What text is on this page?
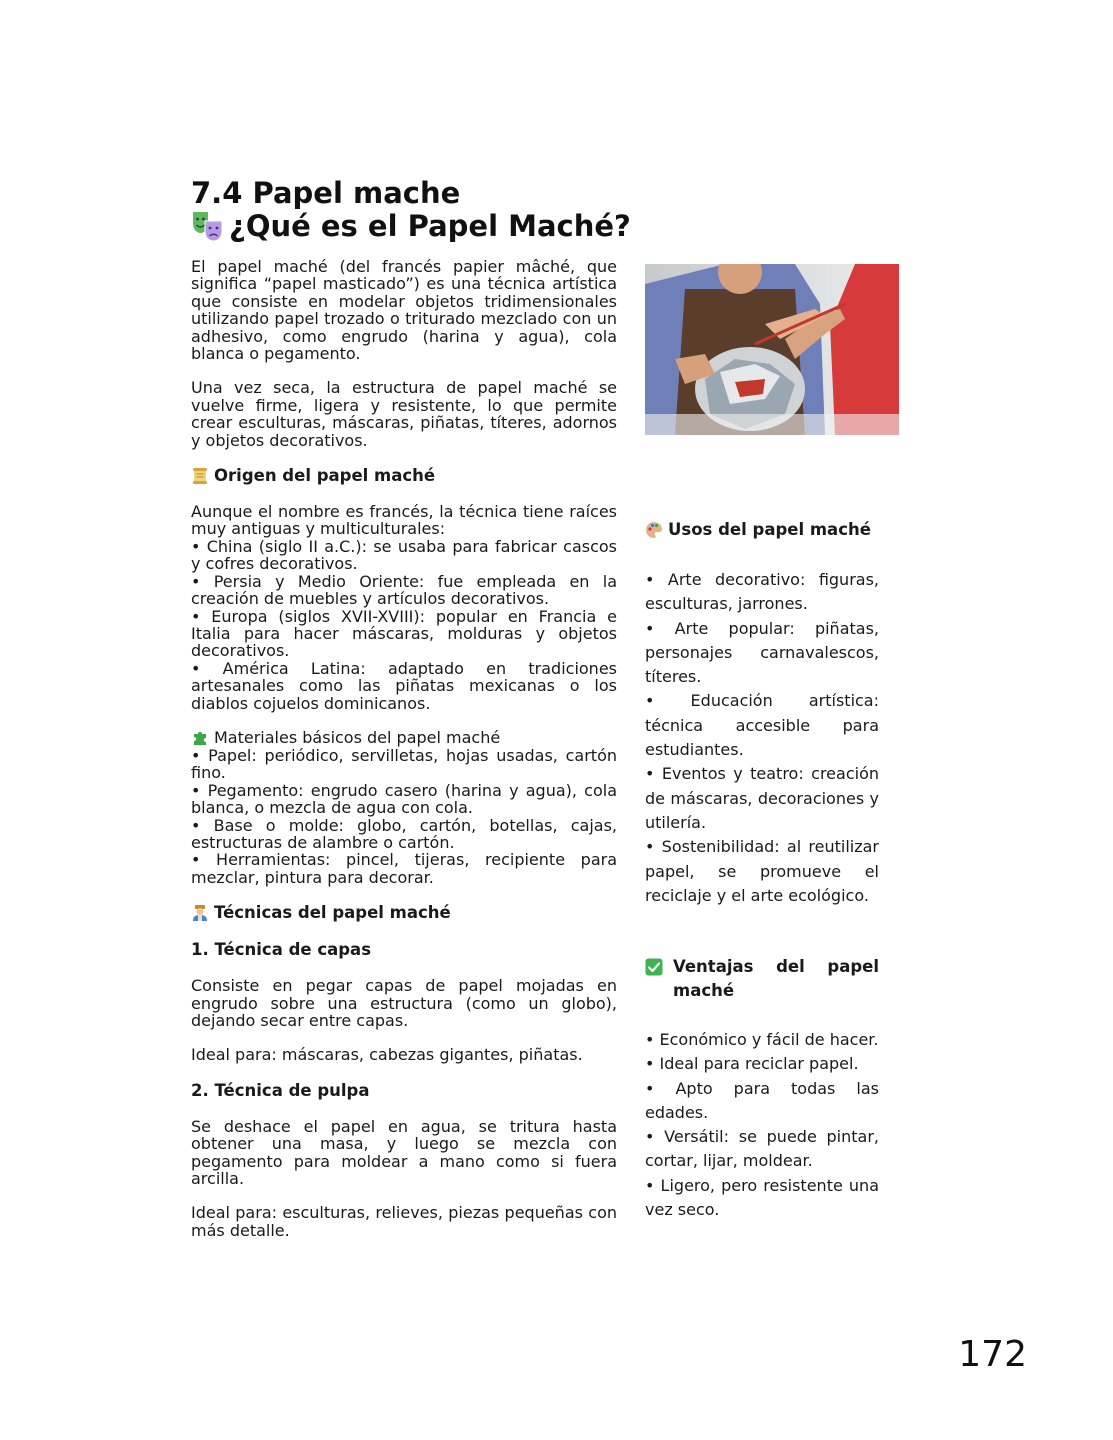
7.4 Papel mache
¿Qué es el Papel Maché?

El papel maché (del francés papier mâché, que significa “papel masticado”) es una técnica artística que consiste en modelar objetos tridimensionales utilizando papel trozado o triturado mezclado con un adhesivo, como engrudo (harina y agua), cola blanca o pegamento.

Una vez seca, la estructura de papel maché se vuelve firme, ligera y resistente, lo que permite crear esculturas, máscaras, piñatas, títeres, adornos y objetos decorativos.

Origen del papel maché

Aunque el nombre es francés, la técnica tiene raíces muy antiguas y multiculturales:

• China (siglo II a.C.): se usaba para fabricar cascos y cofres decorativos.
• Persia y Medio Oriente: fue empleada en la creación de muebles y artículos decorativos.
• Europa (siglos XVII-XVIII): popular en Francia e Italia para hacer máscaras, molduras y objetos decorativos.
• América Latina: adaptado en tradiciones artesanales como las piñatas mexicanas o los diablos cojuelos dominicanos.
Materiales básicos del papel maché
• Papel: periódico, servilletas, hojas usadas, cartón fino.
• Pegamento: engrudo casero (harina y agua), cola blanca, o mezcla de agua con cola.
• Base o molde: globo, cartón, botellas, cajas, estructuras de alambre o cartón.
• Herramientas: pincel, tijeras, recipiente para mezclar, pintura para decorar.
Técnicas del papel maché
1. Técnica de capas

Consiste en pegar capas de papel mojadas en engrudo sobre una estructura (como un globo), dejando secar entre capas.

Ideal para: máscaras, cabezas gigantes, piñatas.

2. Técnica de pulpa

Se deshace el papel en agua, se tritura hasta obtener una masa, y luego se mezcla con pegamento para moldear a mano como si fuera arcilla.

Ideal para: esculturas, relieves, piezas pequeñas con más detalle.

Usos del papel maché

• Arte decorativo: figuras, esculturas, jarrones.

• Arte popular: piñatas, personajes carnavalescos, títeres.

• Educación artística: técnica accesible para estudiantes.

• Eventos y teatro: creación de máscaras, decoraciones y utilería.

• Sostenibilidad: al reutilizar papel, se promueve el reciclaje y el arte ecológico.

Ventajas del papel maché

• Económico y fácil de hacer.

• Ideal para reciclar papel.

• Apto para todas las edades.

• Versátil: se puede pintar, cortar, lijar, moldear.

• Ligero, pero resistente una vez seco.

172
